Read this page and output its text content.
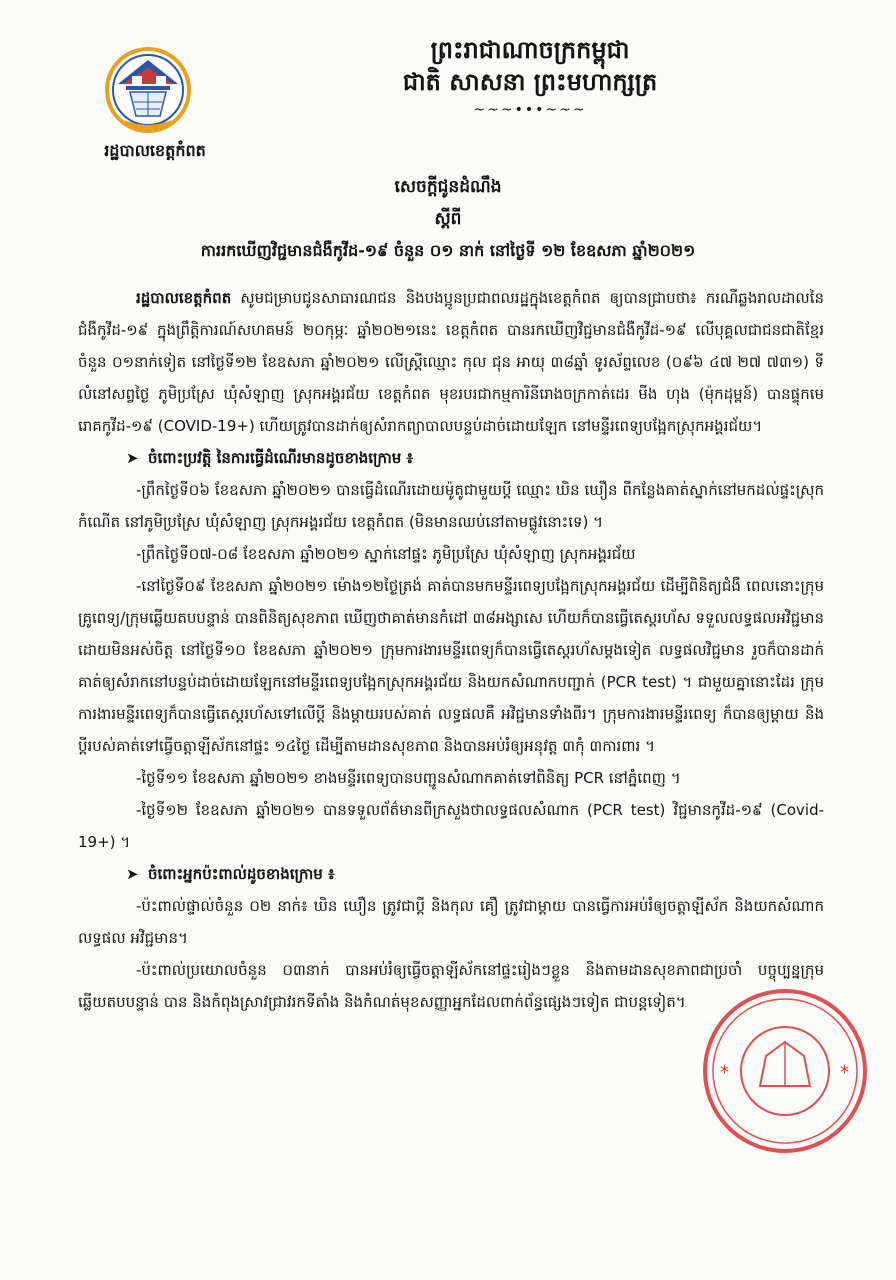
រដ្ឋបាលខេត្តកំពត
ព្រះរាជាណាចក្រកម្ពុជា
ជាតិ សាសនា ព្រះមហាក្សត្រ
~~~•••~~~
សេចក្ដីជូនដំណឹង
ស្ដីពី
ការរកឃើញវិជ្ជមានជំងឺកូវីដ-១៩ ចំនួន ០១ នាក់ នៅថ្ងៃទី ១២ ខែឧសភា ឆ្នាំ២០២១

រដ្ឋបាលខេត្តកំពត សូមជម្រាបជូនសាធារណជន និងបងប្អូនប្រជាពលរដ្ឋក្នុងខេត្តកំពត ឲ្យបានជ្រាបថា៖ ករណីឆ្លងរាលដាលនៃជំងឺកូវីដ-១៩ ក្នុងព្រឹត្តិការណ៍សហគមន៍ ២០កុម្ភៈ ឆ្នាំ២០២១នេះ ខេត្តកំពត បានរកឃើញវិជ្ជមានជំងឺកូវីដ-១៩ លើបុគ្គលជាជនជាតិខ្មែរ ចំនួន ០១នាក់ទៀត នៅថ្ងៃទី១២ ខែឧសភា ឆ្នាំ២០២១ លើស្ត្រីឈ្មោះ កុល ជុន អាយុ ៣៨ឆ្នាំ ទូរស័ព្ទលេខ (០៩៦ ៤៧ ២៧ ៧៣១) ទីលំនៅសព្វថ្ងៃ ភូមិប្រស្រែ ឃុំសំឡាញ ស្រុកអង្គរជ័យ ខេត្តកំពត មុខរបរជាកម្មការិនីរោងចក្រកាត់ដេរ មីង ហុង (ម៉ុកដុម្ពន៍) បានផ្ទុកមេរោគកូវីដ-១៩ (COVID-19+) ហើយត្រូវបានដាក់ឲ្យសំរាកព្យាបាលបន្ទប់ដាច់ដោយឡែក នៅមន្ទីរពេទ្យបង្អែកស្រុកអង្គរជ័យ។

➤ ចំពោះប្រវត្តិ នៃការធ្វើដំណើរមានដូចខាងក្រោម ៖

-ព្រឹកថ្ងៃទី០៦ ខែឧសភា ឆ្នាំ២០២១ បានធ្វើដំណើរដោយម៉ូតូជាមួយប្ដី ឈ្មោះ ឃិន ឃឿន ពីកន្លែងគាត់ស្នាក់នៅមកដល់ផ្ទះស្រុកកំណើត នៅភូមិប្រស្រែ ឃុំសំឡាញ ស្រុកអង្គរជ័យ ខេត្តកំពត (មិនមានឈប់នៅតាមផ្លូវនោះទេ) ។

-ព្រឹកថ្ងៃទី០៧-០៨ ខែឧសភា ឆ្នាំ២០២១ ស្នាក់នៅផ្ទះ ភូមិប្រស្រែ ឃុំសំឡាញ ស្រុកអង្គរជ័យ

-នៅថ្ងៃទី០៩ ខែឧសភា ឆ្នាំ២០២១ ម៉ោង១២ថ្ងៃត្រង់ គាត់បានមកមន្ទីរពេទ្យបង្អែកស្រុកអង្គរជ័យ ដើម្បីពិនិត្យជំងឺ ពេលនោះក្រុមគ្រូពេទ្យ/ក្រុមឆ្លើយតបបន្ទាន់ បានពិនិត្យសុខភាព ឃើញថាគាត់មានកំដៅ ៣៨អង្សាសេ ហើយក៏បានធ្វើតេស្តរហ័ស ទទួលលទ្ធផលអវិជ្ជមាន ដោយមិនអស់ចិត្ត នៅថ្ងៃទី១០ ខែឧសភា ឆ្នាំ២០២១ ក្រុមការងារមន្ទីរពេទ្យក៏បានធ្វើតេស្តរហ័សម្ដងទៀត លទ្ធផលវិជ្ជមាន រួចក៏បានដាក់គាត់ឲ្យសំរាកនៅបន្ទប់ដាច់ដោយឡែកនៅមន្ទីរពេទ្យបង្អែកស្រុកអង្គរជ័យ និងយកសំណាកបញ្ជាក់ (PCR test) ។ ជាមួយគ្នានោះដែរ ក្រុមការងារមន្ទីរពេទ្យក៏បានធ្វើតេស្តរហ័សទៅលើប្ដី និងម្ដាយរបស់គាត់ លទ្ធផលគឺ អវិជ្ជមានទាំងពីរ។ ក្រុមការងារមន្ទីរពេទ្យ ក៏បានឲ្យម្ដាយ និងប្ដីរបស់គាត់ទៅធ្វើចត្តាឡីស័កនៅផ្ទះ ១៤ថ្ងៃ ដើម្បីតាមដានសុខភាព និងបានអប់រំឲ្យអនុវត្ត ៣កុំ ៣ការពារ ។

-ថ្ងៃទី១១ ខែឧសភា ឆ្នាំ២០២១ ខាងមន្ទីរពេទ្យបានបញ្ជូនសំណាកគាត់ទៅពិនិត្យ PCR នៅភ្នំពេញ ។

-ថ្ងៃទី១២ ខែឧសភា ឆ្នាំ២០២១ បានទទួលព័ត៌មានពីក្រសួងថាលទ្ធផលសំណាក (PCR test) វិជ្ជមានកូវីដ-១៩ (Covid-19+) ។

➤ ចំពោះអ្នកប៉ះពាល់ដូចខាងក្រោម ៖

-ប៉ះពាល់ផ្ទាល់ចំនួន ០២ នាក់៖ ឃិន ឃឿន ត្រូវជាប្ដី និងកុល គឿ ត្រូវជាម្ដាយ បានធ្វើការអប់រំឲ្យចត្តាឡីស័ក និងយកសំណាក លទ្ធផល អវិជ្ជមាន។

-ប៉ះពាល់ប្រយោលចំនួន ០៣នាក់ បានអប់រំឲ្យធ្វើចត្តាឡីស័កនៅផ្ទះរៀងៗខ្លួន និងតាមដានសុខភាពជាប្រចាំ បច្ចុប្បន្នក្រុមឆ្លើយតបបន្ទាន់ បាន និងកំពុងស្រាវជ្រាវរកទីតាំង និងកំណត់មុខសញ្ញាអ្នកដែលពាក់ព័ន្ធផ្សេងៗទៀត ជាបន្តទៀត។

*	*
